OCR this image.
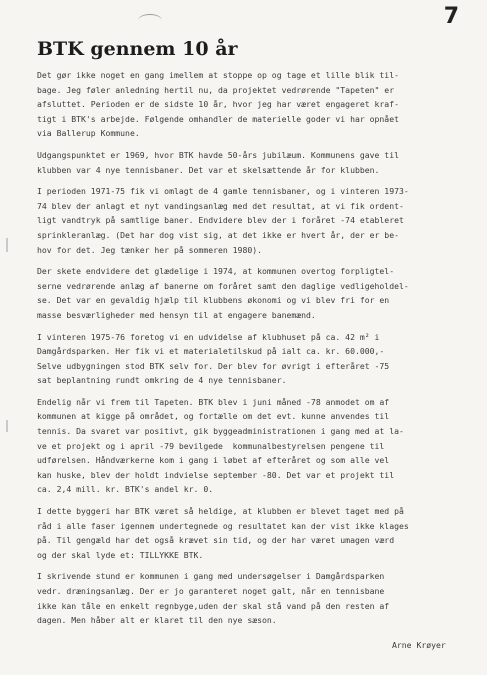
7
BTK gennem 10 år

Det gør ikke noget en gang imellem at stoppe op og tage et lille blik til-
bage. Jeg føler anledning hertil nu, da projektet vedrørende "Tapeten" er
afsluttet. Perioden er de sidste 10 år, hvor jeg har været engageret kraf-
tigt i BTK's arbejde. Følgende omhandler de materielle goder vi har opnået
via Ballerup Kommune.

Udgangspunktet er 1969, hvor BTK havde 50-års jubilæum. Kommunens gave til
klubben var 4 nye tennisbaner. Det var et skelsættende år for klubben.

I perioden 1971-75 fik vi omlagt de 4 gamle tennisbaner, og i vinteren 1973-
74 blev der anlagt et nyt vandingsanlæg med det resultat, at vi fik ordent-
ligt vandtryk på samtlige baner. Endvidere blev der i foråret -74 etableret
sprinkleranlæg. (Det har dog vist sig, at det ikke er hvert år, der er be-
hov for det. Jeg tænker her på sommeren 1980).

Der skete endvidere det glædelige i 1974, at kommunen overtog forpligtel-
serne vedrørende anlæg af banerne om foråret samt den daglige vedligeholdel-
se. Det var en gevaldig hjælp til klubbens økonomi og vi blev fri for en
masse besværligheder med hensyn til at engagere banemænd.

I vinteren 1975-76 foretog vi en udvidelse af klubhuset på ca. 42 m² i
Damgårdsparken. Her fik vi et materialetilskud på ialt ca. kr. 60.000,-
Selve udbygningen stod BTK selv for. Der blev for øvrigt i efteråret -75
sat beplantning rundt omkring de 4 nye tennisbaner.

Endelig når vi frem til Tapeten. BTK blev i juni måned -78 anmodet om af
kommunen at kigge på området, og fortælle om det evt. kunne anvendes til
tennis. Da svaret var positivt, gik byggeadministrationen i gang med at la-
ve et projekt og i april -79 bevilgede  kommunalbestyrelsen pengene til
udførelsen. Håndværkerne kom i gang i løbet af efteråret og som alle vel
kan huske, blev der holdt indvielse september -80. Det var et projekt til
ca. 2,4 mill. kr. BTK's andel kr. 0.

I dette byggeri har BTK været så heldige, at klubben er blevet taget med på
råd i alle faser igennem undertegnede og resultatet kan der vist ikke klages
på. Til gengæld har det også krævet sin tid, og der har været umagen værd
og der skal lyde et: TILLYKKE BTK.

I skrivende stund er kommunen i gang med undersøgelser i Damgårdsparken
vedr. dræningsanlæg. Der er jo garanteret noget galt, når en tennisbane
ikke kan tåle en enkelt regnbyge,uden der skal stå vand på den resten af
dagen. Men håber alt er klaret til den nye sæson.

Arne Krøyer
